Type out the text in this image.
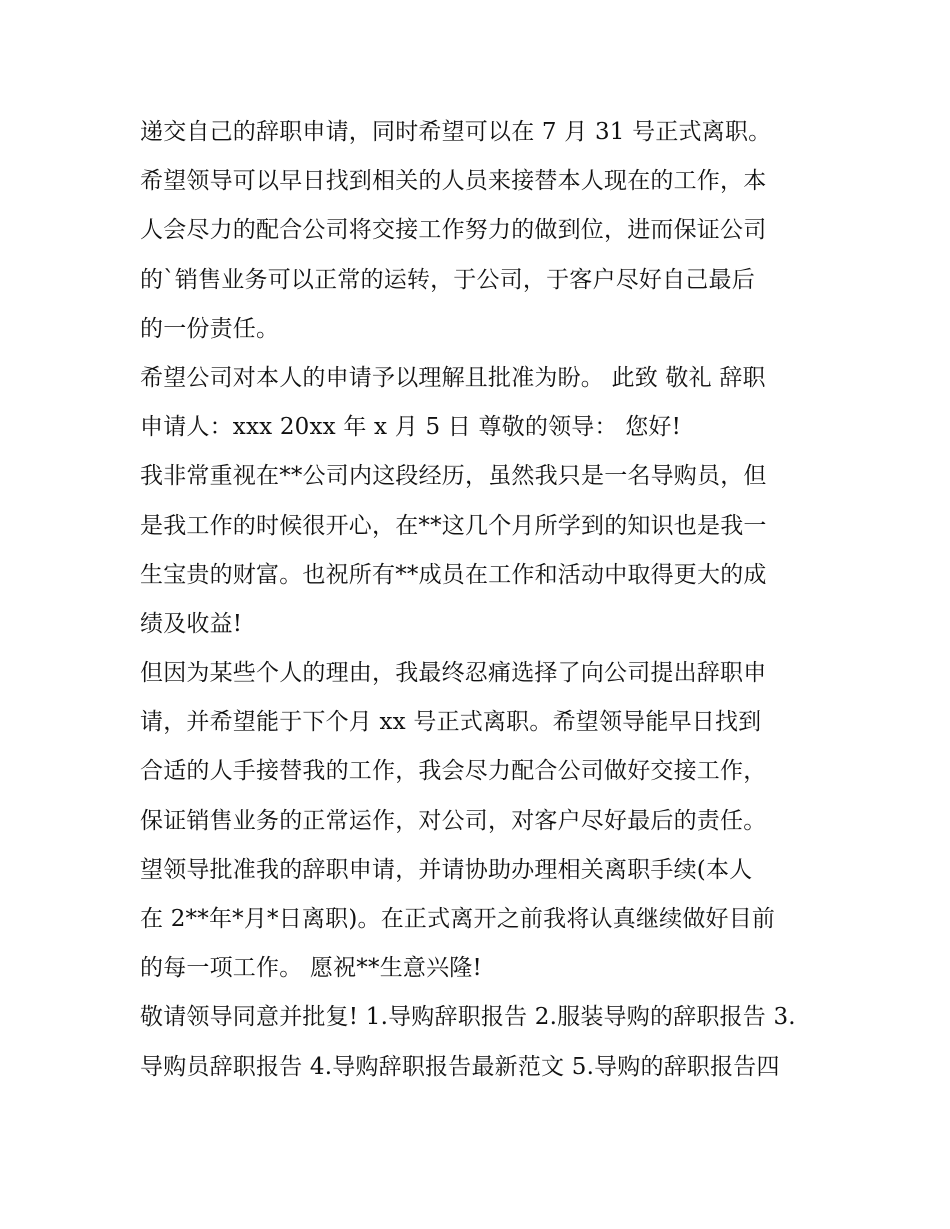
递交自己的辞职申请，同时希望可以在 7 月 31 号正式离职。
希望领导可以早日找到相关的人员来接替本人现在的工作，本
人会尽力的配合公司将交接工作努力的做到位，进而保证公司
的`销售业务可以正常的运转，于公司，于客户尽好自己最后
的一份责任。
希望公司对本人的申请予以理解且批准为盼。 此致 敬礼 辞职
申请人：xxx 20xx 年 x 月 5 日 尊敬的领导： 您好!
我非常重视在**公司内这段经历，虽然我只是一名导购员，但
是我工作的时候很开心，在**这几个月所学到的知识也是我一
生宝贵的财富。也祝所有**成员在工作和活动中取得更大的成
绩及收益!
但因为某些个人的理由，我最终忍痛选择了向公司提出辞职申
请，并希望能于下个月 xx 号正式离职。希望领导能早日找到
合适的人手接替我的工作，我会尽力配合公司做好交接工作，
保证销售业务的正常运作，对公司，对客户尽好最后的责任。
望领导批准我的辞职申请，并请协助办理相关离职手续(本人
在 2**年*月*日离职)。在正式离开之前我将认真继续做好目前
的每一项工作。 愿祝**生意兴隆!
敬请领导同意并批复! 1.导购辞职报告 2.服装导购的辞职报告 3.
导购员辞职报告 4.导购辞职报告最新范文 5.导购的辞职报告四
